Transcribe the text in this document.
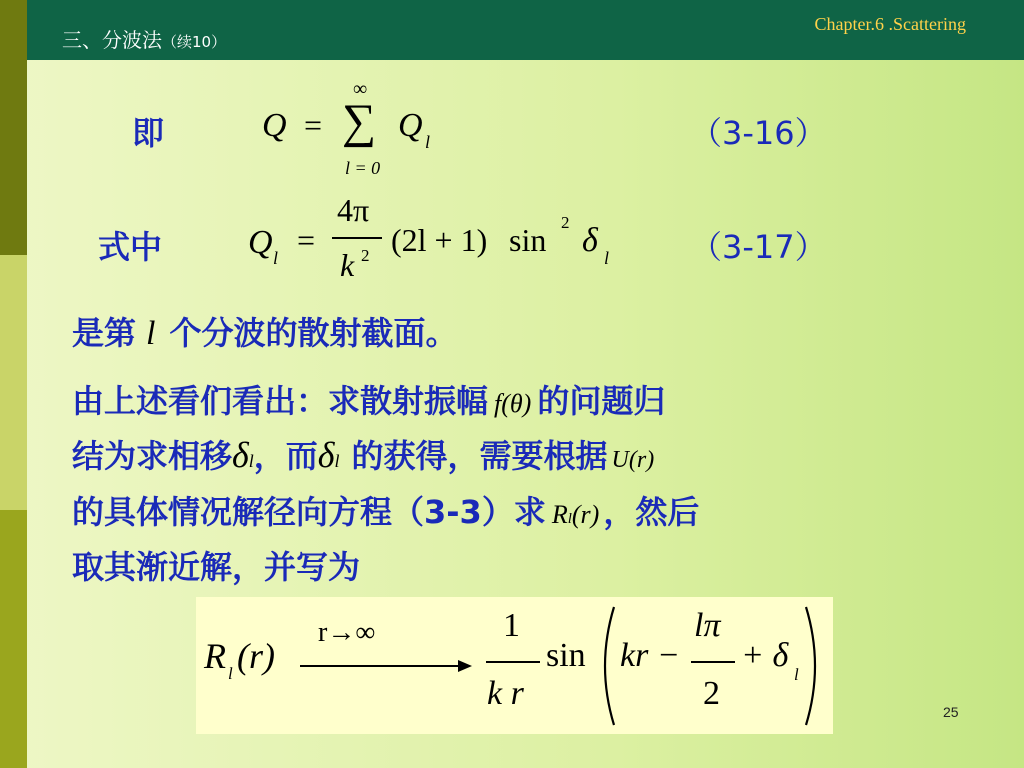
三、分波法（续10）
Chapter.6 .Scattering
即	Q =
∞
∑
l = 0
Q l	（3-16）
式中	Q l =
4π
k 2 (2l + 1) sin 2 δ l	（3-17）
是第 l 个分波的散射截面。
由上述看们看出：求散射振幅 f(θ) 的问题归
结为求相移δl，而δl 的获得，需要根据 U(r)
的具体情况解径向方程（3-3）求 Rl(r) ，然后
取其渐近解，并写为
R l (r)
r→∞	1
k r
sin kr −
lπ
2
+ δ
l
25
